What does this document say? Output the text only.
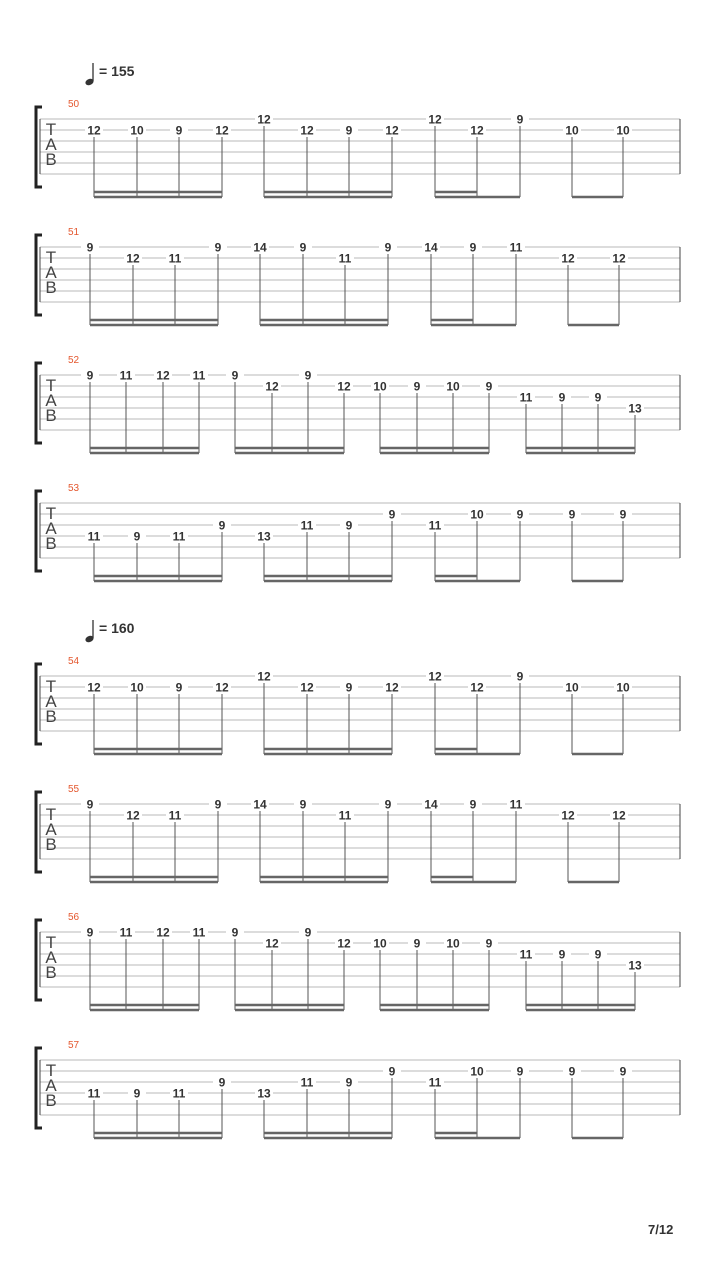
= 155
= 160
T
A
B
50
12 10	9	12
12
12	9	12
12
12
9
10	10
T
A
B
51
9
12 11
9	14	9
11
9	14	9	11
12	12
T
A
B
52
9 11 12 11 9
12
9
12 10 9 10 9
11 9 9
13
T
A
B
53
11	9	11
9
13
11	9
9
11
10	9	9	9
T
A
B
54
12 10	9	12
12
12	9	12
12
12
9
10	10
T
A
B
55
9
12 11
9	14	9
11
9	14	9	11
12	12
T
A
B
56
9 11 12 11 9
12
9
12 10 9 10 9
11 9 9
13
T
A
B
57
11	9	11
9
13
11	9
9
11
10	9	9	9
7/12
